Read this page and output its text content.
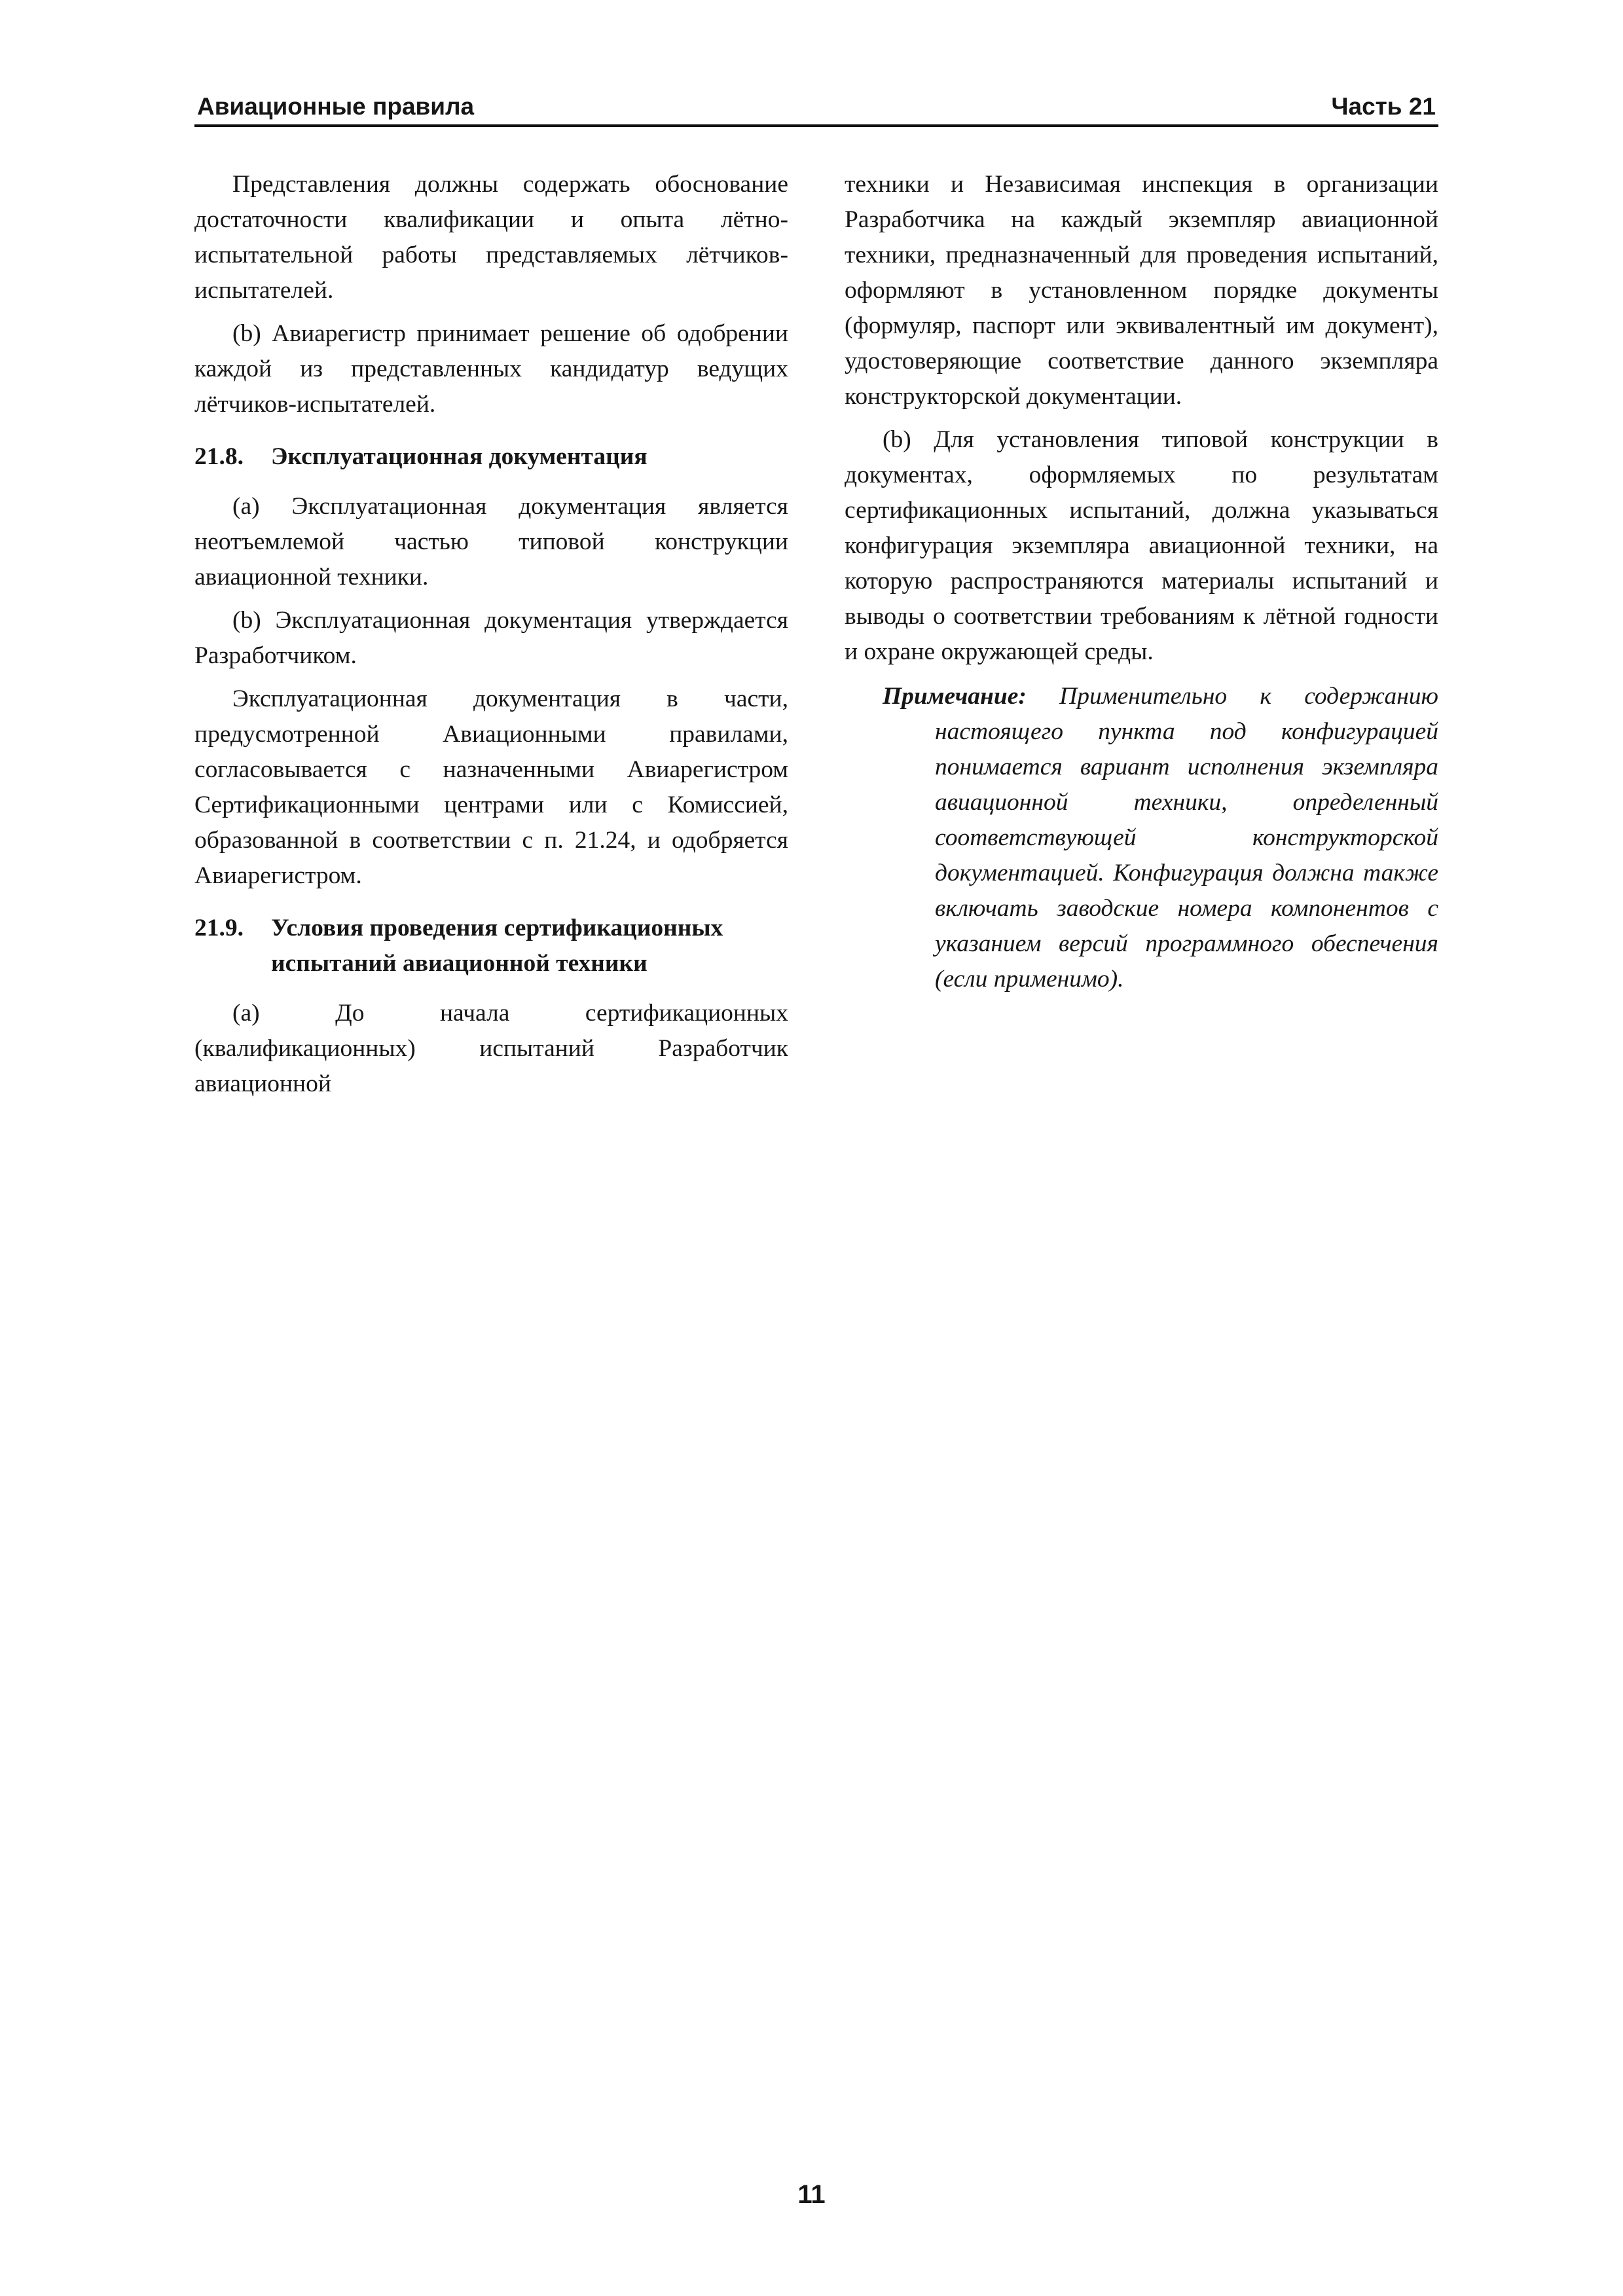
Авиационные правила	Часть 21

Представления должны содержать обоснование достаточности квалификации и опыта лётно-испытательной работы представляемых лётчиков-испытателей.

(b) Авиарегистр принимает решение об одобрении каждой из представленных кандидатур ведущих лётчиков-испытателей.

21.8.	Эксплуатационная документация

(a) Эксплуатационная документация является неотъемлемой частью типовой конструкции авиационной техники.

(b) Эксплуатационная документация утверждается Разработчиком.

Эксплуатационная документация в части, предусмотренной Авиационными правилами, согласовывается с назначенными Авиарегистром Сертификационными центрами или с Комиссией, образованной в соответствии с п. 21.24, и одобряется Авиарегистром.

21.9.	Условия проведения сертификационных испытаний авиационной техники

(a) До начала сертификационных (квалификационных) испытаний Разработчик авиационной

техники и Независимая инспекция в организации Разработчика на каждый экземпляр авиационной техники, предназначенный для проведения испытаний, оформляют в установленном порядке документы (формуляр, паспорт или эквивалентный им документ), удостоверяющие соответствие данного экземпляра конструкторской документации.

(b) Для установления типовой конструкции в документах, оформляемых по результатам сертификационных испытаний, должна указываться конфигурация экземпляра авиационной техники, на которую распространяются материалы испытаний и выводы о соответствии требованиям к лётной годности и охране окружающей среды.

Примечание: Применительно к содержанию настоящего пункта под конфигурацией понимается вариант исполнения экземпляра авиационной техники, определенный соответствующей конструкторской документацией. Конфигурация должна также включать заводские номера компонентов с указанием версий программного обеспечения (если применимо).
11
